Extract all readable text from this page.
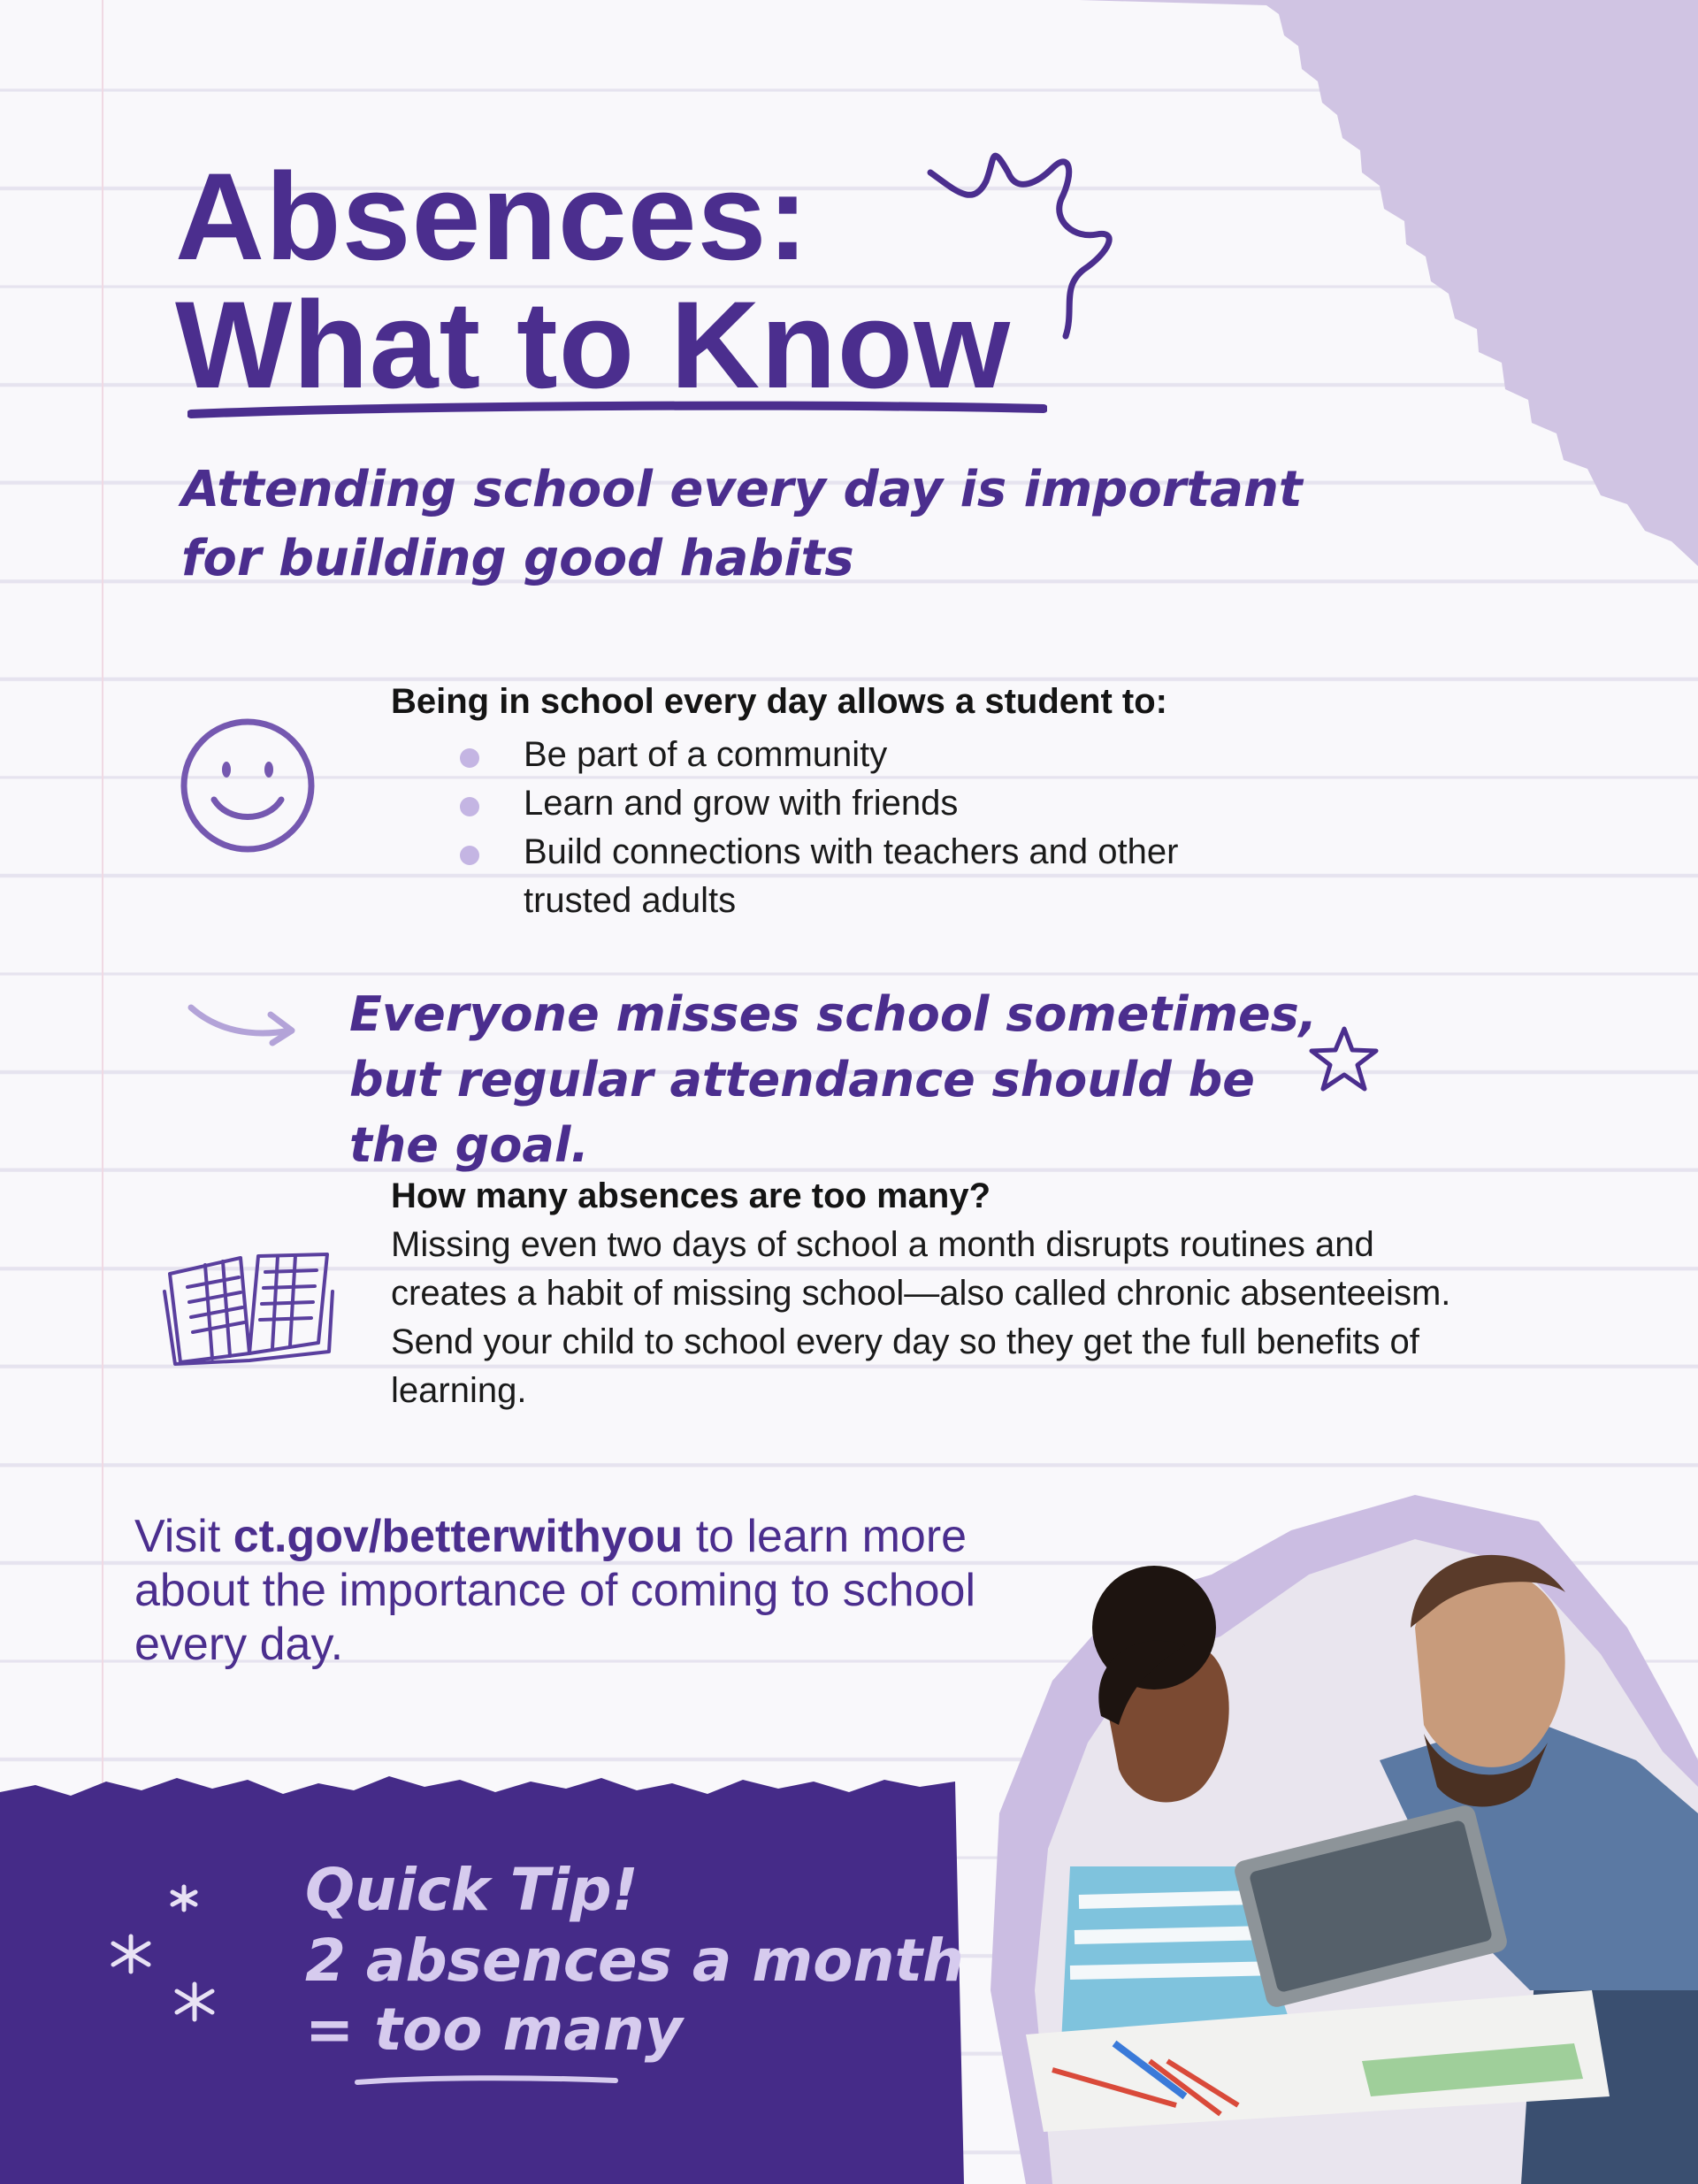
Absences:
What to Know

Attending school every day is important for building good habits

Being in school every day allows a student to:
Be part of a community
Learn and grow with friends
Build connections with teachers and other trusted adults

Everyone misses school sometimes, but regular attendance should be the goal.

How many absences are too many?

Missing even two days of school a month disrupts routines and creates a habit of missing school—also called chronic absenteeism. Send your child to school every day so they get the full benefits of learning.

Visit ct.gov/betterwithyou to learn more about the importance of coming to school every day.

Quick Tip!

2 absences a month

= too many
